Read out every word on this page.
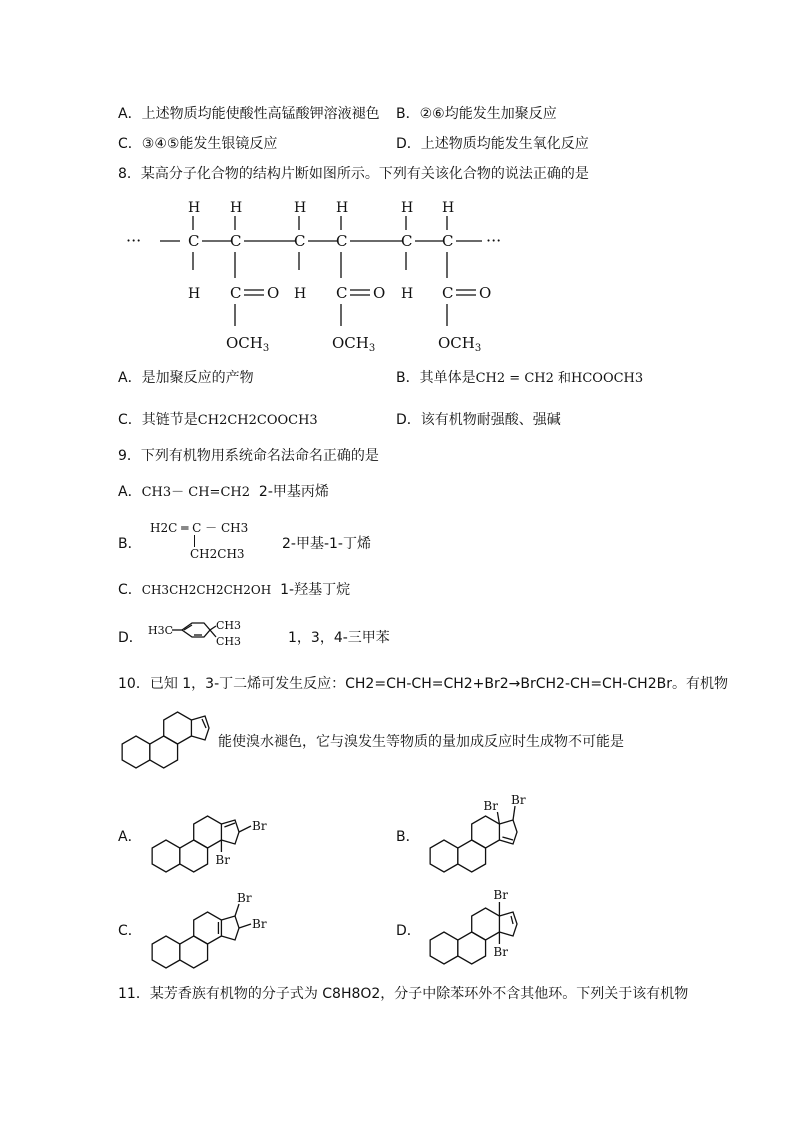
A．上述物质均能使酸性高锰酸钾溶液褪色 B．②⑥均能发生加聚反应
C．③④⑤能发生银镜反应	D．上述物质均能发生氧化反应
8．某高分子化合物的结构片断如图所示。下列有关该化合物的说法正确的是
···	···
C
H
H
C
H
C O
$OCH_3$
C
H
H
C
H
C O
$OCH_3$
C
H
H
C
H
C O
$OCH_3$
A．是加聚反应的产物	B．其单体是CH2 = CH2 和HCOOCH3
C．其链节是CH2CH2COOCH3	D．该有机物耐强酸、强碱
9．下列有机物用系统命名法命名正确的是
A．CH3－ CH=CH2 2-甲基丙烯
B．
H2C ═ C － CH3
CH2CH3
2-甲基-1-丁烯
C．CH3CH2CH2CH2OH 1-羟基丁烷
D． H3C	CH3
CH3	1，3，4-三甲苯
10．已知 1，3-丁二烯可发生反应：CH2=CH-CH=CH2+Br2→BrCH2-CH=CH-CH2Br。有机物
能使溴水褪色，它与溴发生等物质的量加成反应时生成物不可能是
A．
Br
Br
B．
Br Br
C．
Br
Br	D．
Br
Br
11．某芳香族有机物的分子式为 C8H8O2，分子中除苯环外不含其他环。下列关于该有机物
